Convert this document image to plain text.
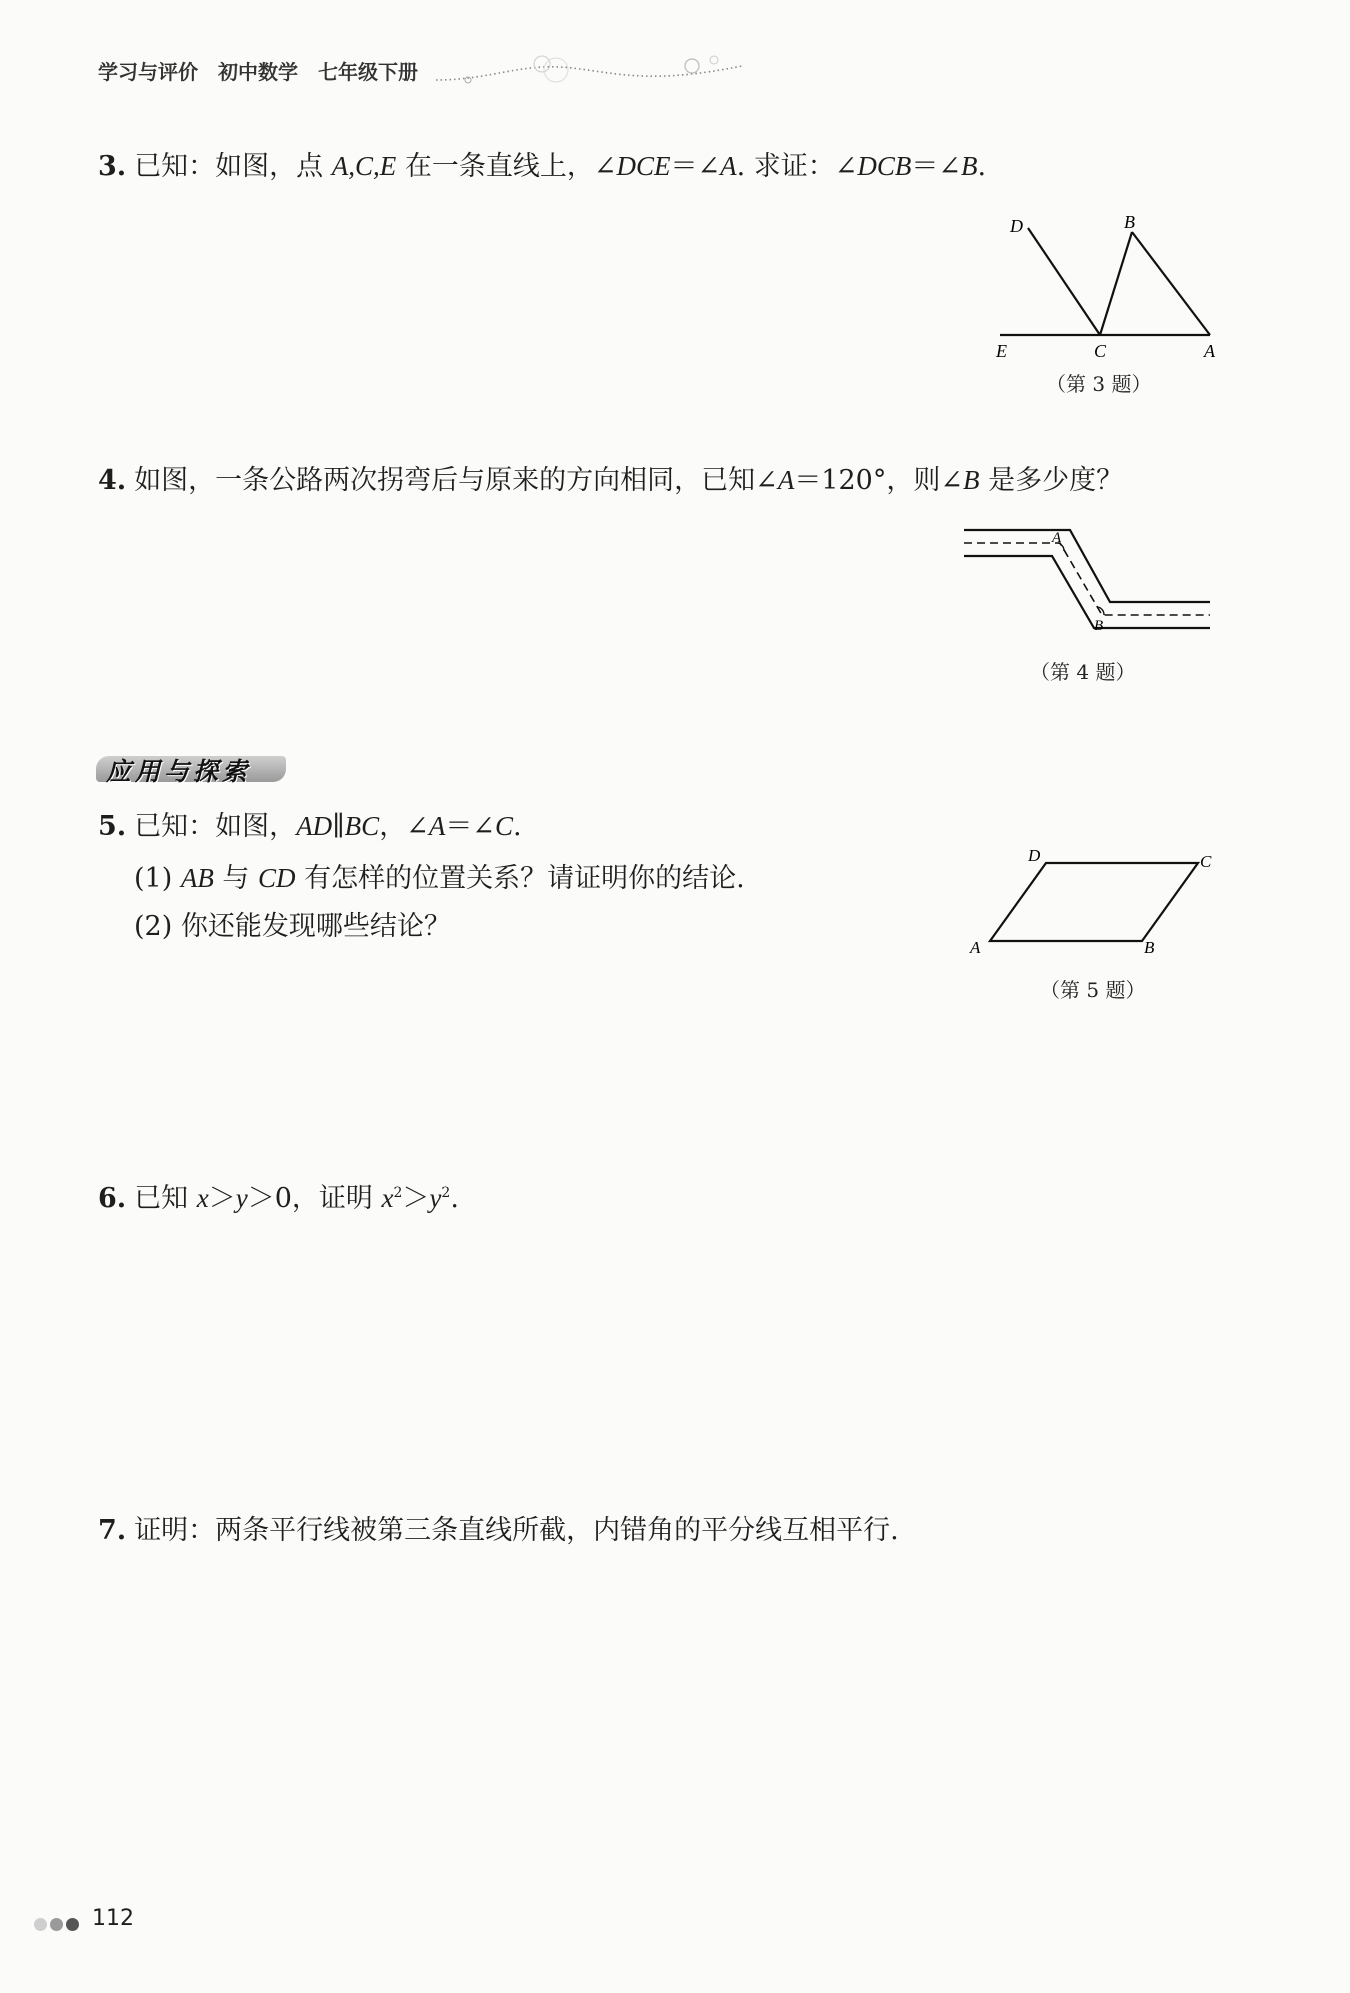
学习与评价 初中数学 七年级下册
3. 已知：如图，点 A,C,E 在一条直线上，∠DCE＝∠A. 求证：∠DCB＝∠B.
D	B
E	C	A
（第 3 题）
4. 如图，一条公路两次拐弯后与原来的方向相同，已知∠A＝120°，则∠B 是多少度？
A
B
（第 4 题）
应用与探索
5. 已知：如图，AD∥BC，∠A＝∠C.
(1) AB 与 CD 有怎样的位置关系？请证明你的结论.
(2) 你还能发现哪些结论？
D	C
A	B
（第 5 题）
6. 已知 x＞y＞0，证明 $x^2>y^2$.
7. 证明：两条平行线被第三条直线所截，内错角的平分线互相平行.
112
